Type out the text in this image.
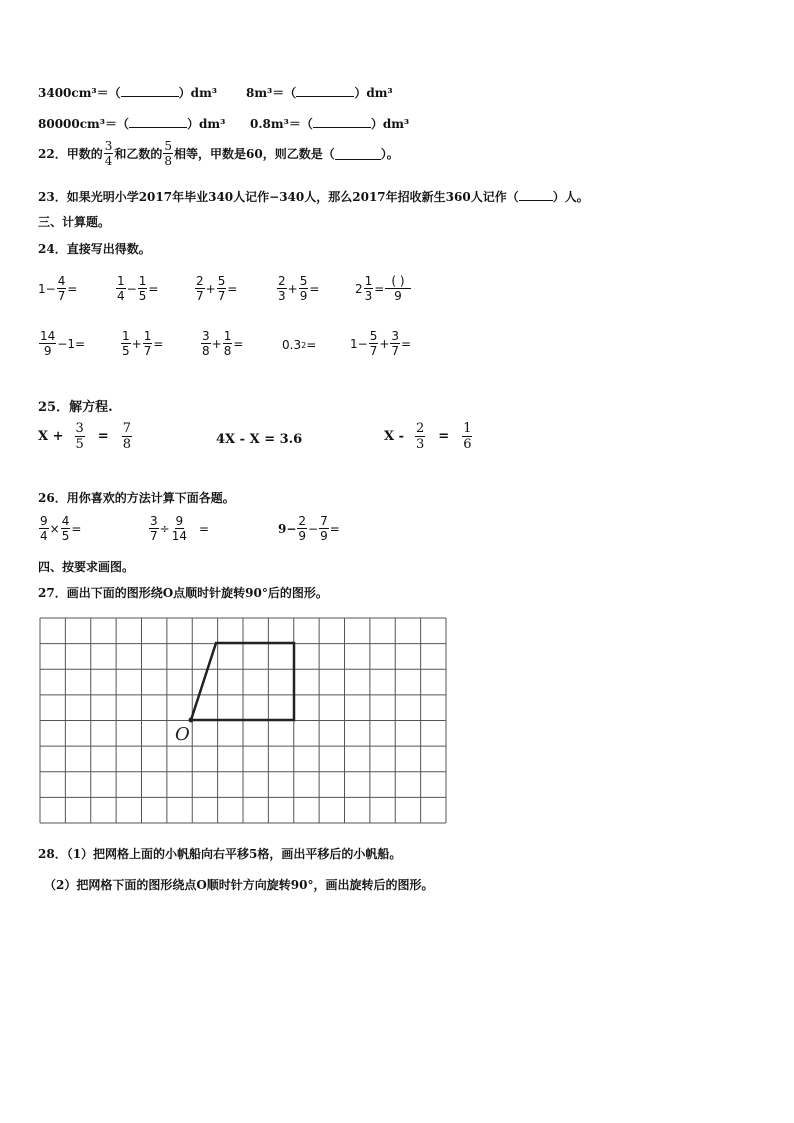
3400cm³＝（	）dm³ 8m³＝（	）dm³
80000cm³＝（	）dm³ 0.8m³＝（	）dm³
22．甲数的 $\frac{3}{4}$ 和乙数的 $\frac{5}{8}$ 相等，甲数是60，则乙数是（	）。
23．如果光明小学2017年毕业340人记作−340人，那么2017年招收新生360人记作（	）人。
三、计算题。
24．直接写出得数。
$1- \frac{4}{7}$ =	$\frac{1}{4} - \frac{1}{5}$ =	$\frac{2}{7} + \frac{5}{7}$ =	$\frac{2}{3} + \frac{5}{9}$ =	$2 \frac{1}{3} = \frac{( )}{9}$
$\frac{14}{9} -1=$	$\frac{1}{5} + \frac{1}{7}$ =	$\frac{3}{8} + \frac{1}{8}$ =	0.3 2 =	$1- \frac{5}{7} + \frac{3}{7}$ =
25．解方程.
$X + \frac{3}{5} = \frac{7}{8}$	4X - X = 3.6	$X - \frac{2}{3} = \frac{1}{6}$
26．用你喜欢的方法计算下面各题。
$\frac{9}{4} \times \frac{4}{5}$ =	$\frac{3}{7} \div \frac{9}{14}$ =	$9- \frac{2}{9} - \frac{7}{9}$ =
四、按要求画图。
27．画出下面的图形绕O点顺时针旋转90°后的图形。
O
28．（1）把网格上面的小帆船向右平移5格，画出平移后的小帆船。
（2）把网格下面的图形绕点O顺时针方向旋转90°，画出旋转后的图形。
